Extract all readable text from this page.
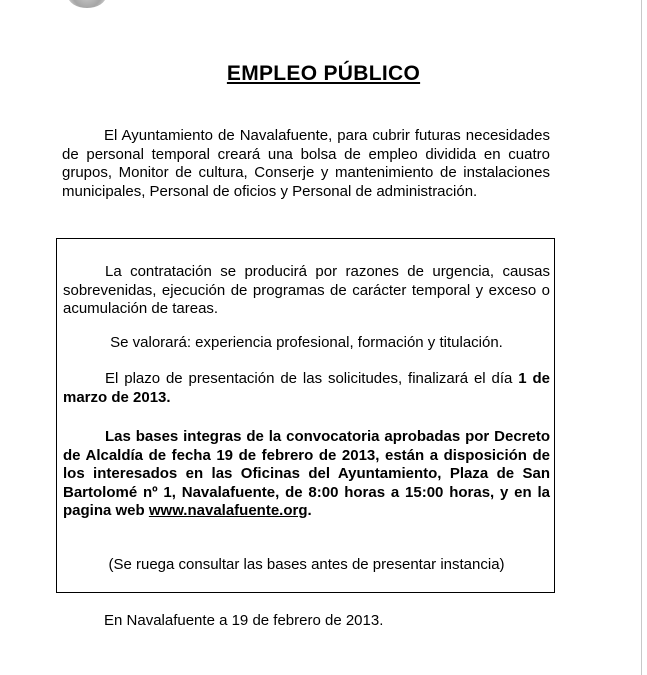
EMPLEO PÚBLICO

El Ayuntamiento de Navalafuente, para cubrir futuras necesidades de personal temporal creará una bolsa de empleo dividida en cuatro grupos, Monitor de cultura, Conserje y mantenimiento de instalaciones municipales, Personal de oficios y Personal de administración.

La contratación se producirá por razones de urgencia, causas sobrevenidas, ejecución de programas de carácter temporal y exceso o acumulación de tareas.

Se valorará: experiencia profesional, formación y titulación.

El plazo de presentación de las solicitudes, finalizará el día 1 de marzo de 2013.

Las bases integras de la convocatoria aprobadas por Decreto de Alcaldía de fecha 19 de febrero de 2013, están a disposición de los interesados en las Oficinas del Ayuntamiento, Plaza de San Bartolomé nº 1, Navalafuente, de 8:00 horas a 15:00 horas, y en la pagina web www.navalafuente.org.

(Se ruega consultar las bases antes de presentar instancia)

En Navalafuente a 19 de febrero de 2013.
